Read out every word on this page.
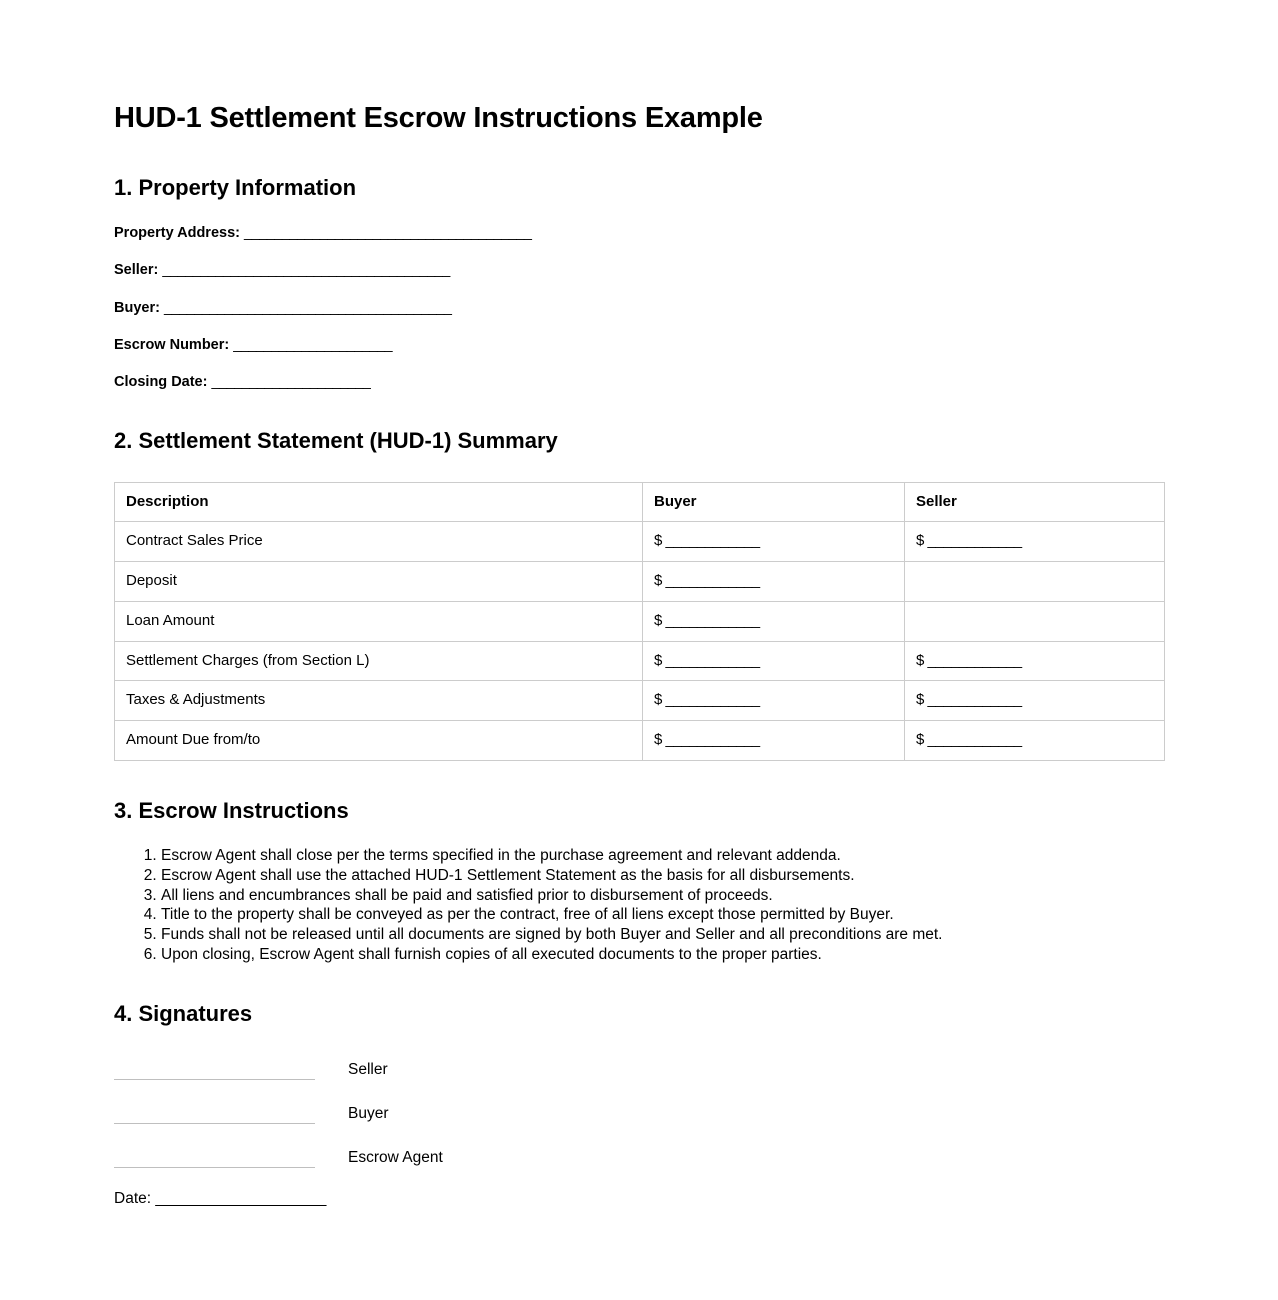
HUD-1 Settlement Escrow Instructions Example
1. Property Information
Property Address: ______________________________________
Seller: ______________________________________
Buyer: ______________________________________
Escrow Number: _____________________
Closing Date: _____________________
2. Settlement Statement (HUD-1) Summary
Description	Buyer	Seller
Contract Sales Price	$ ____________	$ ____________
Deposit	$ ____________	
Loan Amount	$ ____________	
Settlement Charges (from Section L)	$ ____________	$ ____________
Taxes & Adjustments	$ ____________	$ ____________
Amount Due from/to	$ ____________	$ ____________
3. Escrow Instructions
1. Escrow Agent shall close per the terms specified in the purchase agreement and relevant addenda.
2. Escrow Agent shall use the attached HUD-1 Settlement Statement as the basis for all disbursements.
3. All liens and encumbrances shall be paid and satisfied prior to disbursement of proceeds.
4. Title to the property shall be conveyed as per the contract, free of all liens except those permitted by Buyer.
5. Funds shall not be released until all documents are signed by both Buyer and Seller and all preconditions are met.
6. Upon closing, Escrow Agent shall furnish copies of all executed documents to the proper parties.
4. Signatures
Seller
Buyer
Escrow Agent
Date: _____________________
